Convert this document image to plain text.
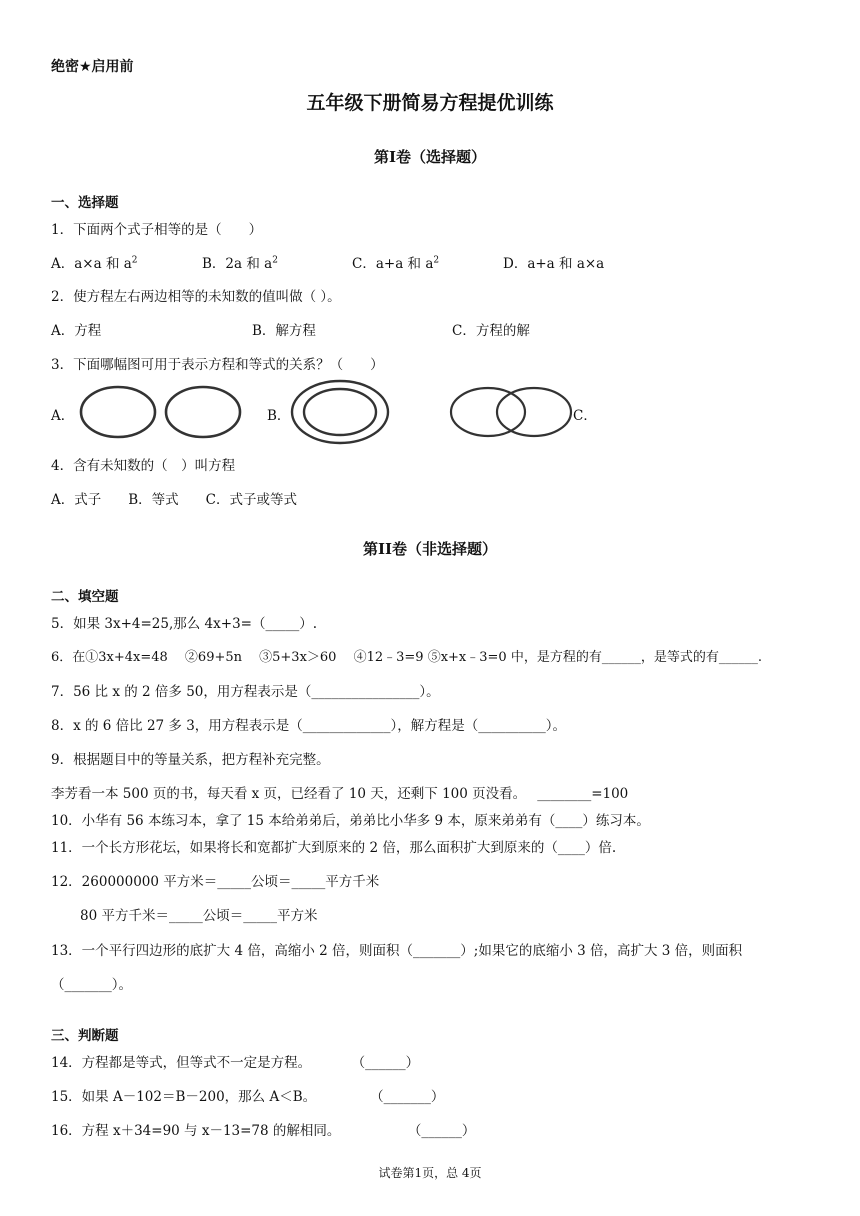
绝密★启用前
五年级下册简易方程提优训练
第I卷（选择题）
一、选择题
1．下面两个式子相等的是（　　）
A．a×a 和 $a^2$	B．2a 和 $a^2$	C．a+a 和 $a^2$	D．a+a 和 a×a
2．使方程左右两边相等的未知数的值叫做（ ）。
A．方程	B．解方程	C．方程的解
3．下面哪幅图可用于表示方程和等式的关系？（　　）
A．	B．	C．
4．含有未知数的（　）叫方程
A．式子　　B．等式　　C．式子或等式
第II卷（非选择题）
二、填空题
5．如果 3x+4=25,那么 4x+3=（_____）.
6．在①3x+4x=48　 ②69+5n　 ③5+3x＞60　 ④12﹣3=9 ⑤x+x﹣3=0 中，是方程的有______，是等式的有______.
7．56 比 x 的 2 倍多 50，用方程表示是（________________）。
8．x 的 6 倍比 27 多 3，用方程表示是（_____________），解方程是（__________）。
9．根据题目中的等量关系，把方程补充完整。
李芳看一本 500 页的书，每天看 x 页，已经看了 10 天，还剩下 100 页没看。　 ________=100
10．小华有 56 本练习本，拿了 15 本给弟弟后，弟弟比小华多 9 本，原来弟弟有（____）练习本。
11．一个长方形花坛，如果将长和宽都扩大到原来的 2 倍，那么面积扩大到原来的（____）倍.
12．260000000 平方米＝_____公顷＝_____平方千米
80 平方千米＝_____公顷＝_____平方米
13．一个平行四边形的底扩大 4 倍，高缩小 2 倍，则面积（_______）;如果它的底缩小 3 倍，高扩大 3 倍，则面积
（_______）。
三、判断题
14．方程都是等式，但等式不一定是方程。　　　　（______）
15．如果 A－102＝B－200，那么 A＜B。　　　　　（_______）
16．方程 x＋34=90 与 x－13=78 的解相同。　　　　　　（______）
试卷第1页，总 4页
